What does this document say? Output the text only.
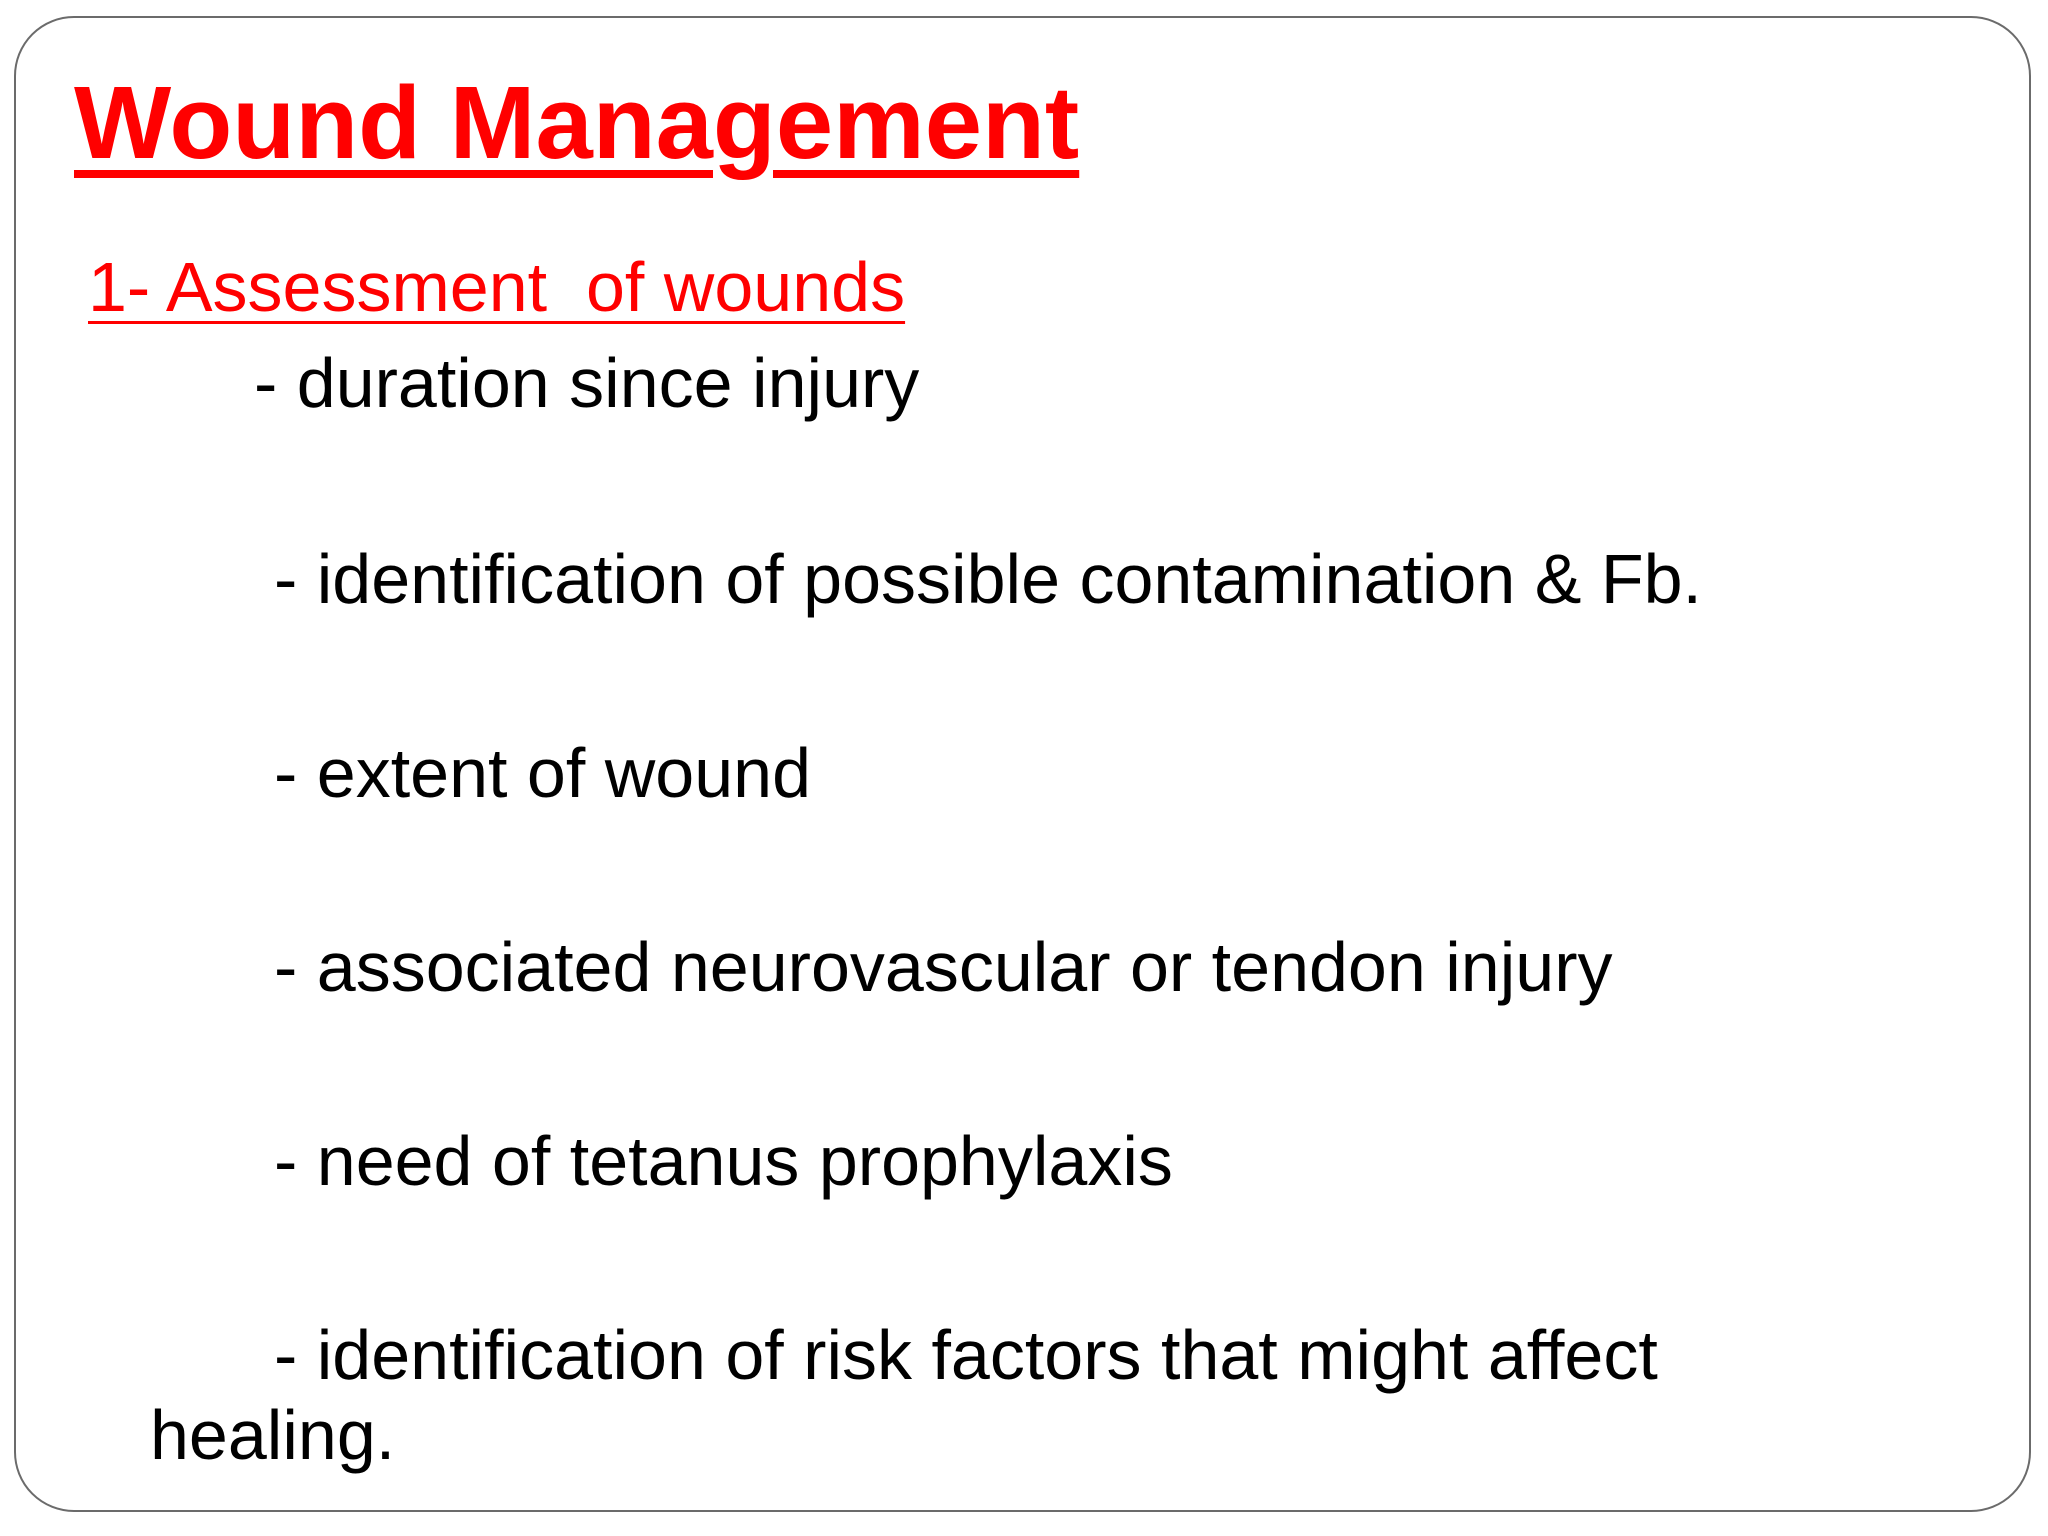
Wound Management

1- Assessment  of wounds

- duration since injury

- identification of possible contamination & Fb.

- extent of wound

- associated neurovascular or tendon injury

- need of tetanus prophylaxis

- identification of risk factors that might affect

healing.
